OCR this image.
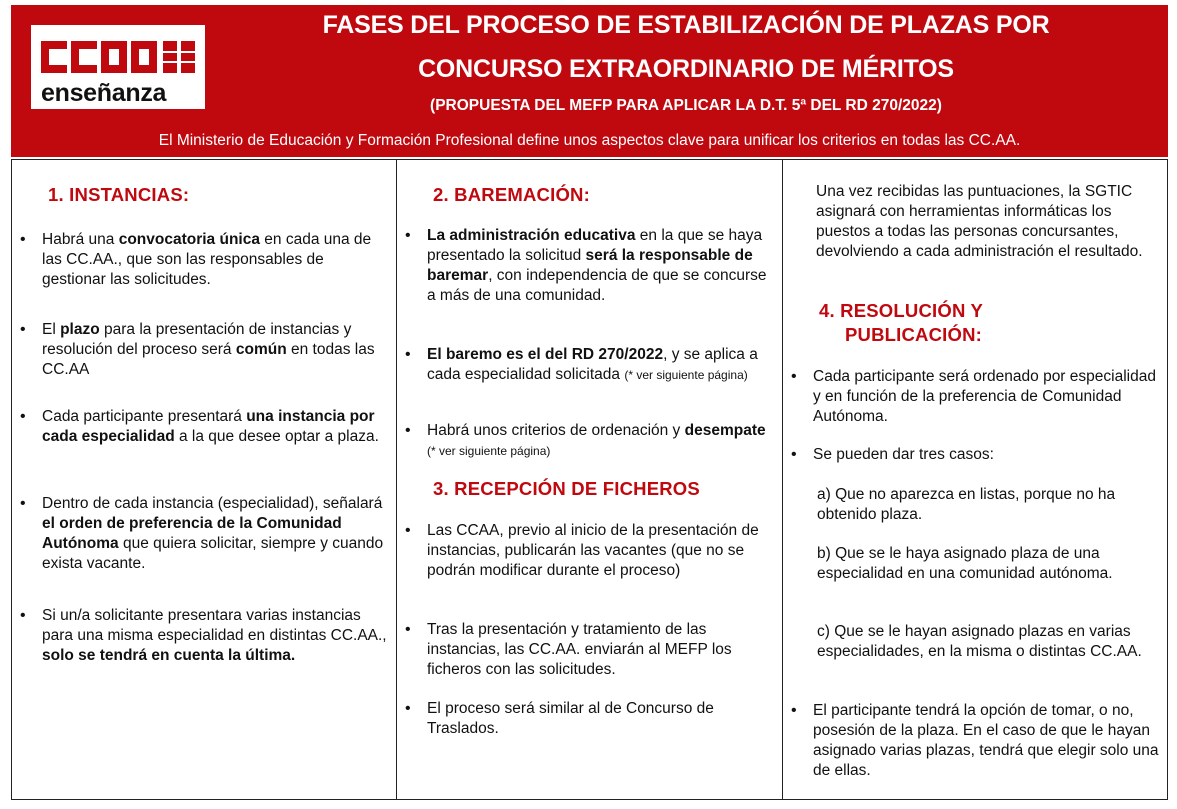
enseñanza
FASES DEL PROCESO DE ESTABILIZACIÓN DE PLAZAS POR
CONCURSO EXTRAORDINARIO DE MÉRITOS
(PROPUESTA DEL MEFP PARA APLICAR LA D.T. 5ª DEL RD 270/2022)
El Ministerio de Educación y Formación Profesional define unos aspectos clave para unificar los criterios en todas las CC.AA.
1. INSTANCIAS:
• Habrá una convocatoria única en cada una de las CC.AA., que son las responsables de gestionar las solicitudes.
• El plazo para la presentación de instancias y resolución del proceso será común en todas las CC.AA
• Cada participante presentará una instancia por cada especialidad a la que desee optar a plaza.
• Dentro de cada instancia (especialidad), señalará el orden de preferencia de la Comunidad Autónoma que quiera solicitar, siempre y cuando exista vacante.
• Si un/a solicitante presentara varias instancias para una misma especialidad en distintas CC.AA., solo se tendrá en cuenta la última.
2. BAREMACIÓN:
• La administración educativa en la que se haya presentado la solicitud será la responsable de baremar, con independencia de que se concurse a más de una comunidad.
• El baremo es el del RD 270/2022, y se aplica a cada especialidad solicitada (* ver siguiente página)
• Habrá unos criterios de ordenación y desempate (* ver siguiente página)
3. RECEPCIÓN DE FICHEROS
• Las CCAA, previo al inicio de la presentación de instancias, publicarán las vacantes (que no se podrán modificar durante el proceso)
• Tras la presentación y tratamiento de las instancias, las CC.AA. enviarán al MEFP los ficheros con las solicitudes.
• El proceso será similar al de Concurso de Traslados.
Una vez recibidas las puntuaciones, la SGTIC asignará con herramientas informáticas los puestos a todas las personas concursantes, devolviendo a cada administración el resultado.
4. RESOLUCIÓN Y
PUBLICACIÓN:
• Cada participante será ordenado por especialidad y en función de la preferencia de Comunidad Autónoma.
• Se pueden dar tres casos:
a) Que no aparezca en listas, porque no ha obtenido plaza.
b) Que se le haya asignado plaza de una especialidad en una comunidad autónoma.
c) Que se le hayan asignado plazas en varias especialidades, en la misma o distintas CC.AA.
• El participante tendrá la opción de tomar, o no, posesión de la plaza. En el caso de que le hayan asignado varias plazas, tendrá que elegir solo una de ellas.
